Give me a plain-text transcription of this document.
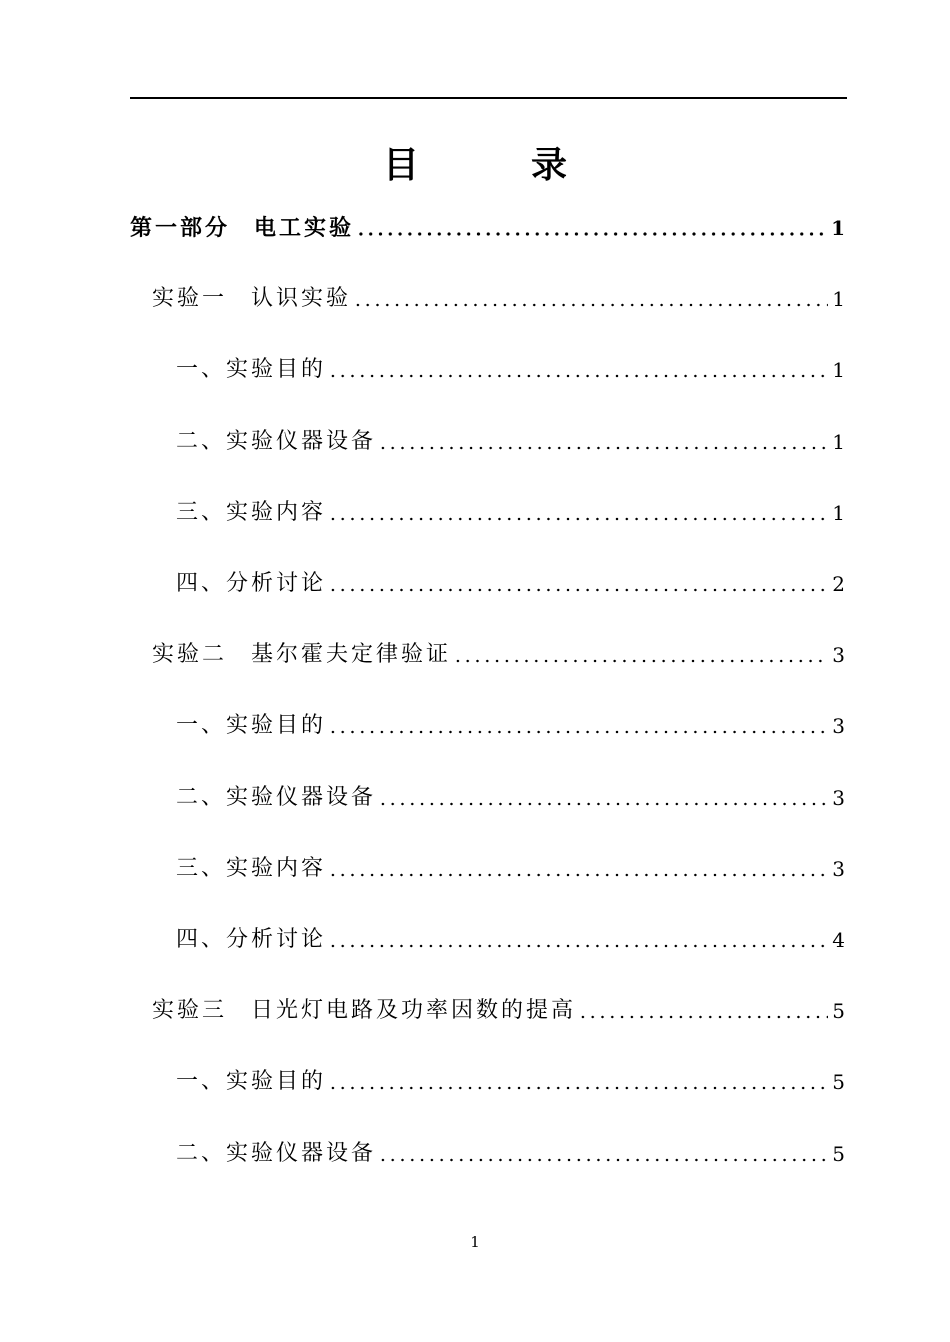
目　录
第一部分 电工实验	1
实验一 认识实验	1
一、实验目的	1
二、实验仪器设备	1
三、实验内容	1
四、分析讨论	2
实验二 基尔霍夫定律验证	3
一、实验目的	3
二、实验仪器设备	3
三、实验内容	3
四、分析讨论	4
实验三 日光灯电路及功率因数的提高	5
一、实验目的	5
二、实验仪器设备	5
1
